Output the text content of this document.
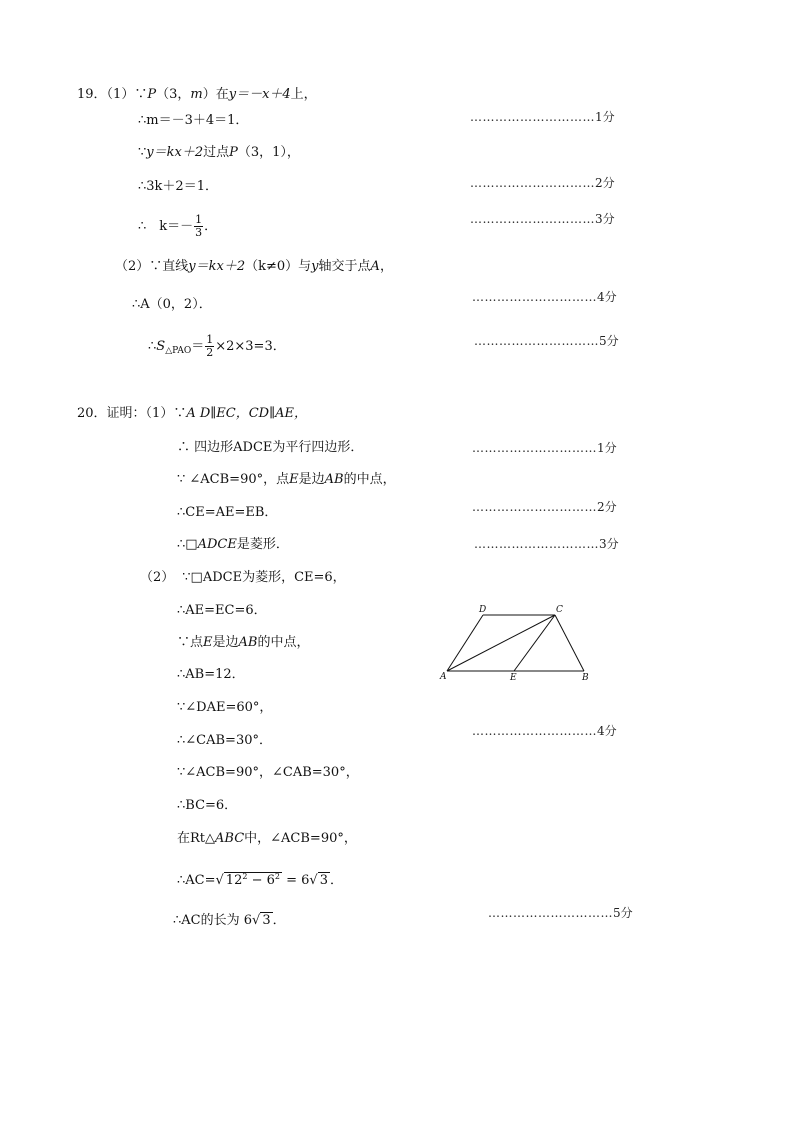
19．（1）∵P（3，m）在y＝－x＋4上，
∴m＝－3＋4＝1．	…………………………1分
∵y＝kx＋2过点P（3，1），
∴3k＋2＝1．	…………………………2分
∴　$k=- \frac{1}{3}$ ．	…………………………3分
（2）∵直线y＝kx＋2（k≠0）与y轴交于点A，
∴A（0，2）．	…………………………4分
$\therefore S_{\triangle PAO}= \frac{1}{2} \times 2\times 3=3$．	…………………………5分
20．证明：（1）∵A D∥EC，CD∥AE，
∴ 四边形ADCE为平行四边形．	…………………………1分
∵ ∠ACB=90°，点E是边AB的中点，
∴CE=AE=EB．	…………………………2分
∴□ADCE是菱形．	…………………………3分
（2） ∵□ADCE为菱形，CE=6，
∴AE=EC=6．
∵点E是边AB的中点，
∴AB=12．
∵∠DAE=60°，
∴∠CAB=30°．
…………………………4分
∵∠ACB=90°，∠CAB=30°，
∴BC=6．
在Rt△ABC中，∠ACB=90°，
∴AC=√ $12^2 - 6^2 = 6√$ 3 ．
∴AC的长为 6√ 3 ．	…………………………5分
D	C
A	E	B
